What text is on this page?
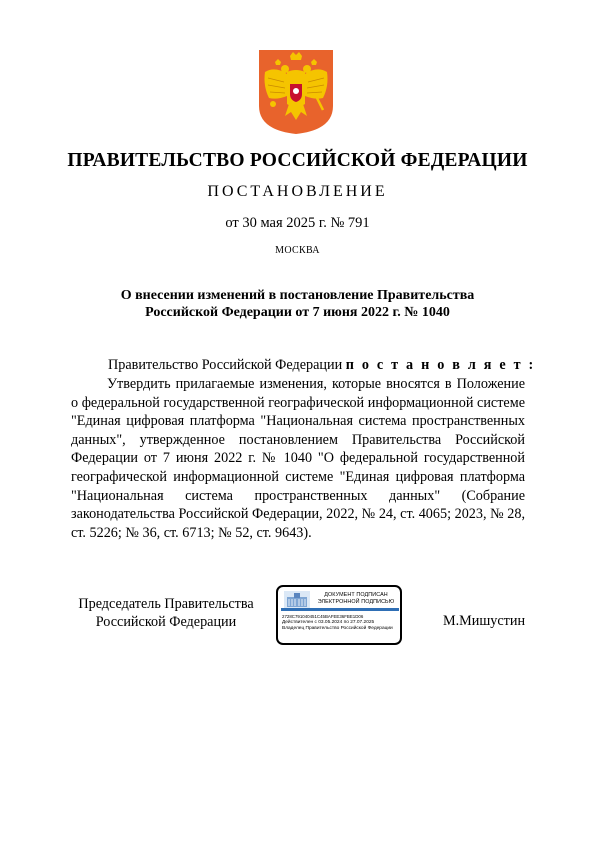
ПРАВИТЕЛЬСТВО РОССИЙСКОЙ ФЕДЕРАЦИИ
ПОСТАНОВЛЕНИЕ
от 30 мая 2025 г. № 791
МОСКВА
О внесении изменений в постановление Правительства
Российской Федерации от 7 июня 2022 г. № 1040
Правительство Российской Федерации п о с т а н о в л я е т :
Утвердить прилагаемые изменения, которые вносятся в Положение о федеральной государственной географической информационной системе "Единая цифровая платформа "Национальная система пространственных данных", утвержденное постановлением Правительства Российской Федерации от 7 июня 2022 г. № 1040 "О федеральной государственной географической информационной системе "Единая цифровая платформа "Национальная система пространственных данных" (Собрание законодательства Российской Федерации, 2022, № 24, ст. 4065; 2023, № 28, ст. 5226; № 36, ст. 6713; № 52, ст. 9643).
Председатель Правительства
Российской Федерации
ДОКУМЕНТ ПОДПИСАН
ЭЛЕКТРОННОЙ ПОДПИСЬЮ
2728C791040451C45BAFEE36FBE1D06
Действителен с 03.05.2024 по 27.07.2025
Владелец Правительство Российской Федерации	М.Мишустин
